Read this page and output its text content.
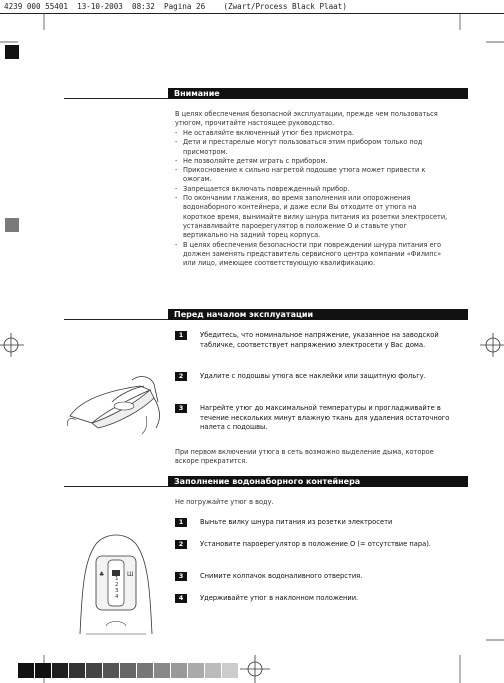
4239 000 55401  13-10-2003  08:32  Pagina 26    (Zwart/Process Black Plaat)
Внимание
В целях обеспечения безопасной эксплуатации, прежде чем пользоваться утюгом, прочитайте настоящее руководство.
- Не оставляйте включенный утюг без присмотра.
- Дети и престарелые могут пользоваться этим прибором только под присмотром.
- Не позволяйте детям играть с прибором.
- Прикосновение к сильно нагретой подошве утюга может привести к ожогам.
- Запрещается включать поврежденный прибор.
- По окончании глажения, во время заполнения или опорожнения водонаборного контейнера, и даже если Вы отходите от утюга на короткое время, вынимайте вилку шнура питания из розетки электросети, устанавливайте пароерегулятор в положение O и ставьте утюг вертикально на задний торец корпуса.
- В целях обеспечения безопасности при повреждении шнура питания его должен заменять представитель сервисного центра компании «Филипс» или лицо, имеющее соответствующую квалификацию.
Перед началом эксплуатации
1	Убедитесь, что номинальное напряжение, указанное на заводской табличке, соответствует напряжению электросети у Вас дома.
2	Удалите с подошвы утюга все наклейки или защитную фольгу.
3	Нагрейте утюг до максимальной температуры и прогладживайте в течение нескольких минут влажную ткань для удаления остаточного налета с подошвы.
При первом включении утюга в сеть возможно выделение дыма, которое вскоре прекратится.
Заполнение водонаборного контейнера
Не погружайте утюг в воду.
♣	Ш
1
2
3
4
1	Выньте вилку шнура питания из розетки электросети
2	Установите пароерегулятор в положение O (= отсутствие пара).
3	Снимите колпачок водоналивного отверстия.
4	Удерживайте утюг в наклонном положении.
